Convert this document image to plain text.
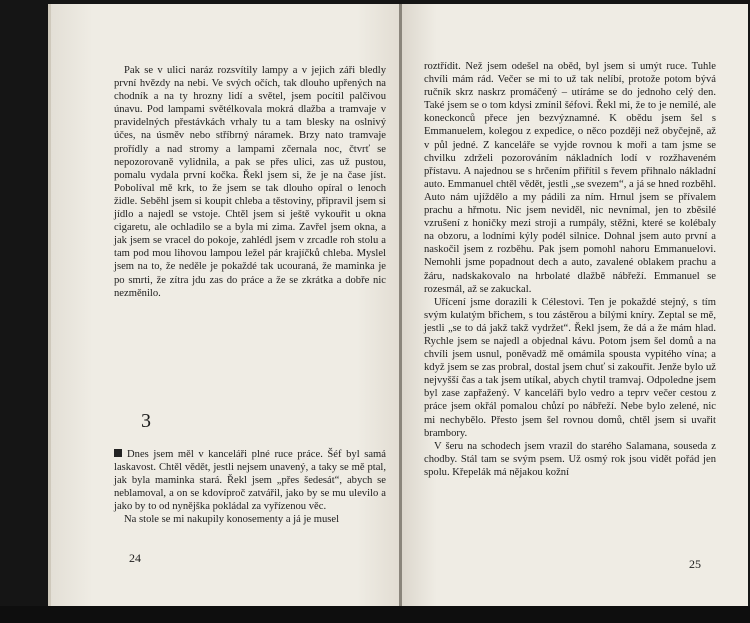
Pak se v ulici naráz rozsvítily lampy a v jejich záři bledly první hvězdy na nebi. Ve svých očích, tak dlouho upřených na chodník a na ty hrozny lidí a světel, jsem pocítil palčivou únavu. Pod lampami světélkovala mokrá dlažba a tramvaje v pravidelných přestávkách vrhaly tu a tam blesky na oslnivý účes, na úsměv nebo stříbrný náramek. Brzy nato tramvaje prořídly a nad stromy a lampami zčernala noc, čtvrť se nepozorovaně vylidnila, a pak se přes ulici, zas už pustou, pomalu vydala první kočka. Řekl jsem si, že je na čase jíst. Pobolíval mě krk, to že jsem se tak dlouho opíral o lenoch židle. Seběhl jsem si koupit chleba a těstoviny, připravil jsem si jídlo a najedl se vstoje. Chtěl jsem si ještě vykouřit u okna cigaretu, ale ochladilo se a byla mi zima. Zavřel jsem okna, a jak jsem se vracel do pokoje, zahlédl jsem v zrcadle roh stolu a tam pod mou lihovou lampou ležel pár krajíčků chleba. Myslel jsem na to, že neděle je pokaždé tak ucouraná, že maminka je po smrti, že zítra jdu zas do práce a že se zkrátka a dobře nic nezměnilo.

3

Dnes jsem měl v kanceláři plné ruce práce. Šéf byl samá laskavost. Chtěl vědět, jestli nejsem unavený, a taky se mě ptal, jak byla maminka stará. Řekl jsem „přes šedesát“, abych se neblamoval, a on se kdovíproč zatvářil, jako by se mu ulevilo a jako by to od nynějška pokládal za vyřízenou věc.

Na stole se mi nakupily konosementy a já je musel

24

roztřídit. Než jsem odešel na oběd, byl jsem si umýt ruce. Tuhle chvíli mám rád. Večer se mi to už tak nelíbí, protože potom bývá ručník skrz naskrz promáčený – utíráme se do jednoho celý den. Také jsem se o tom kdysi zmínil šéfovi. Řekl mi, že to je nemilé, ale koneckonců přece jen bezvýznamné. K obědu jsem šel s Emmanuelem, kolegou z expedice, o něco později než obyčejně, až v půl jedné. Z kanceláře se vyjde rovnou k moři a tam jsme se chvilku zdrželi pozorováním nákladních lodí v rozžhaveném přístavu. A najednou se s hrčením přiřítil s řevem přihnalo nákladní auto. Emmanuel chtěl vědět, jestli „se svezem“, a já se hned rozběhl. Auto nám ujíždělo a my pádili za ním. Hrnul jsem se přívalem prachu a hřmotu. Nic jsem neviděl, nic nevnímal, jen to zběsilé vzrušení z honičky mezi stroji a rumpály, stěžni, které se kolébaly na obzoru, a lodními kýly podél silnice. Dohnal jsem auto první a naskočil jsem z rozběhu. Pak jsem pomohl nahoru Emmanuelovi. Nemohli jsme popadnout dech a auto, zavalené oblakem prachu a žáru, nadskakovalo na hrbolaté dlažbě nábřeží. Emmanuel se rozesmál, až se zakuckal.

Uřícení jsme dorazili k Célestovi. Ten je pokaždé stejný, s tím svým kulatým břichem, s tou zástěrou a bílými kníry. Zeptal se mě, jestli „se to dá jakž takž vydržet“. Řekl jsem, že dá a že mám hlad. Rychle jsem se najedl a objednal kávu. Potom jsem šel domů a na chvíli jsem usnul, poněvadž mě omámila spousta vypitého vína; a když jsem se zas probral, dostal jsem chuť si zakouřit. Jenže bylo už nejvyšší čas a tak jsem utíkal, abych chytil tramvaj. Odpoledne jsem byl zase zapřažený. V kanceláři bylo vedro a teprv večer cestou z práce jsem okřál pomalou chůzí po nábřeží. Nebe bylo zelené, nic mi nechybělo. Přesto jsem šel rovnou domů, chtěl jsem si uvařit brambory.

V šeru na schodech jsem vrazil do starého Salamana, souseda z chodby. Stál tam se svým psem. Už osmý rok jsou vidět pořád jen spolu. Křepelák má nějakou kožní

25
